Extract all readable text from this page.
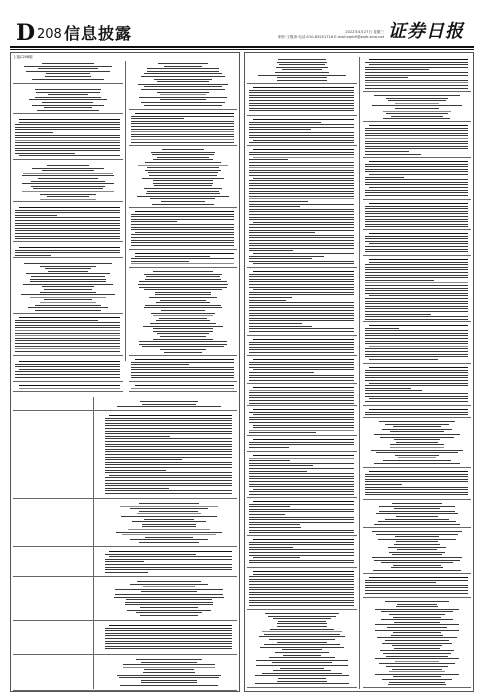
D 208 信息披露	2022年4月27日 星期三
制作:王敬涛 电话:010-83251716 E-mail:zqrb9@zqrb.sina.net 证券日报
上接C208版
